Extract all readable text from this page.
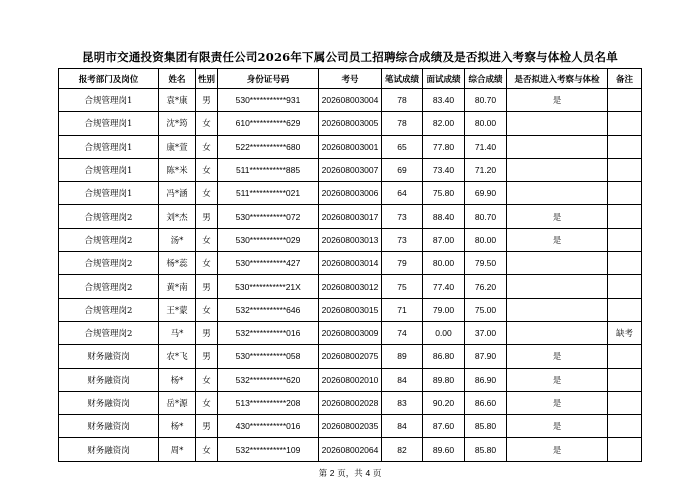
昆明市交通投资集团有限责任公司2026年下属公司员工招聘综合成绩及是否拟进入考察与体检人员名单
报考部门及岗位	姓名	性别	身份证号码	考号	笔试成绩	面试成绩	综合成绩	是否拟进入考察与体检	备注
合规管理岗1	袁*康	男	530***********931	202608003004	78	83.40	80.70	是	
合规管理岗1	沈*筠	女	610***********629	202608003005	78	82.00	80.00		
合规管理岗1	康*萱	女	522***********680	202608003001	65	77.80	71.40		
合规管理岗1	陈*米	女	511***********885	202608003007	69	73.40	71.20		
合规管理岗1	冯*涵	女	511***********021	202608003006	64	75.80	69.90		
合规管理岗2	刘*杰	男	530***********072	202608003017	73	88.40	80.70	是	
合规管理岗2	汤*	女	530***********029	202608003013	73	87.00	80.00	是	
合规管理岗2	杨*蕊	女	530***********427	202608003014	79	80.00	79.50		
合规管理岗2	黄*南	男	530***********21X	202608003012	75	77.40	76.20		
合规管理岗2	王*蒙	女	532***********646	202608003015	71	79.00	75.00		
合规管理岗2	马*	男	532***********016	202608003009	74	0.00	37.00		缺考
财务融资岗	农*飞	男	530***********058	202608002075	89	86.80	87.90	是	
财务融资岗	杨*	女	532***********620	202608002010	84	89.80	86.90	是	
财务融资岗	岳*源	女	513***********208	202608002028	83	90.20	86.60	是	
财务融资岗	杨*	男	430***********016	202608002035	84	87.60	85.80	是	
财务融资岗	周*	女	532***********109	202608002064	82	89.60	85.80	是	
第 2 页，共 4 页
